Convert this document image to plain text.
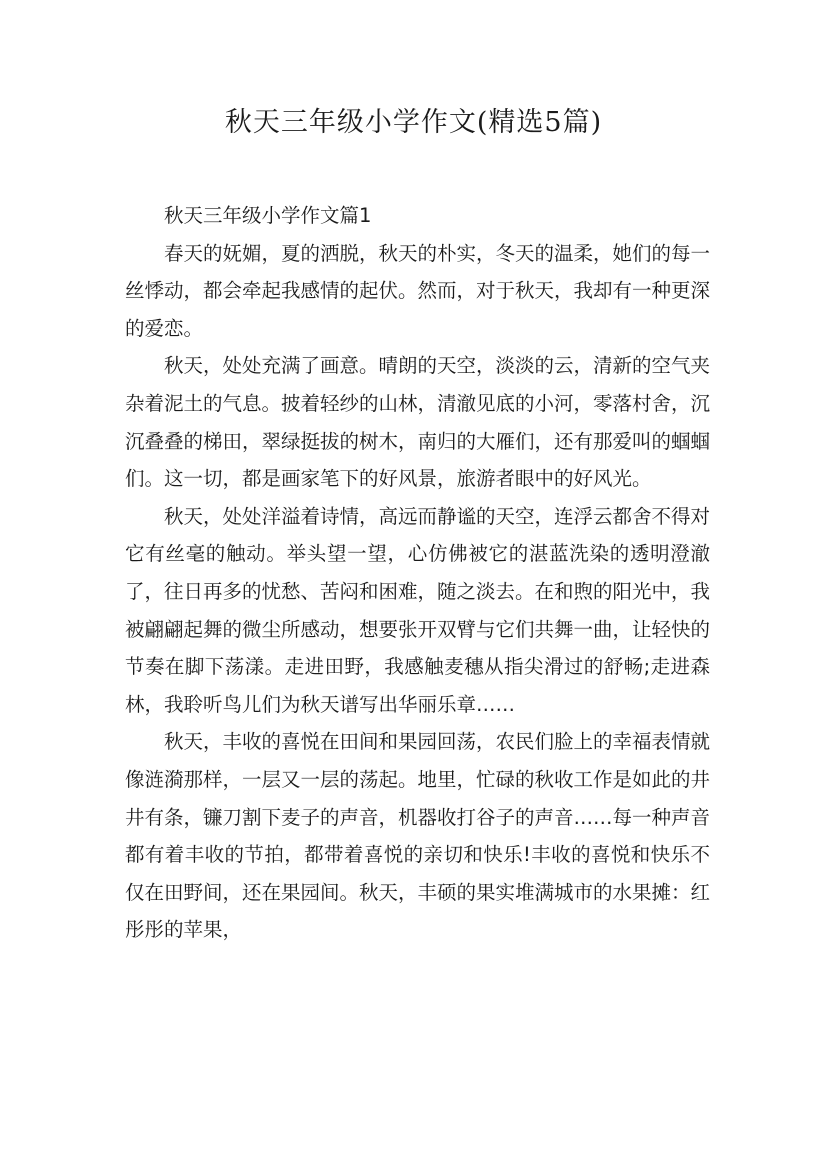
秋天三年级小学作文(精选5篇)

秋天三年级小学作文篇1

春天的妩媚，夏的洒脱，秋天的朴实，冬天的温柔，她们的每一丝悸动，都会牵起我感情的起伏。然而，对于秋天，我却有一种更深的爱恋。

秋天，处处充满了画意。晴朗的天空，淡淡的云，清新的空气夹杂着泥土的气息。披着轻纱的山林，清澈见底的小河，零落村舍，沉沉叠叠的梯田，翠绿挺拔的树木，南归的大雁们，还有那爱叫的蝈蝈们。这一切，都是画家笔下的好风景，旅游者眼中的好风光。

秋天，处处洋溢着诗情，高远而静谧的天空，连浮云都舍不得对它有丝毫的触动。举头望一望，心仿佛被它的湛蓝洗染的透明澄澈了，往日再多的忧愁、苦闷和困难，随之淡去。在和煦的阳光中，我被翩翩起舞的微尘所感动，想要张开双臂与它们共舞一曲，让轻快的节奏在脚下荡漾。走进田野，我感触麦穗从指尖滑过的舒畅;走进森林，我聆听鸟儿们为秋天谱写出华丽乐章……

秋天，丰收的喜悦在田间和果园回荡，农民们脸上的幸福表情就像涟漪那样，一层又一层的荡起。地里，忙碌的秋收工作是如此的井井有条，镰刀割下麦子的声音，机器收打谷子的声音……每一种声音都有着丰收的节拍，都带着喜悦的亲切和快乐!丰收的喜悦和快乐不仅在田野间，还在果园间。秋天，丰硕的果实堆满城市的水果摊：红彤彤的苹果，
